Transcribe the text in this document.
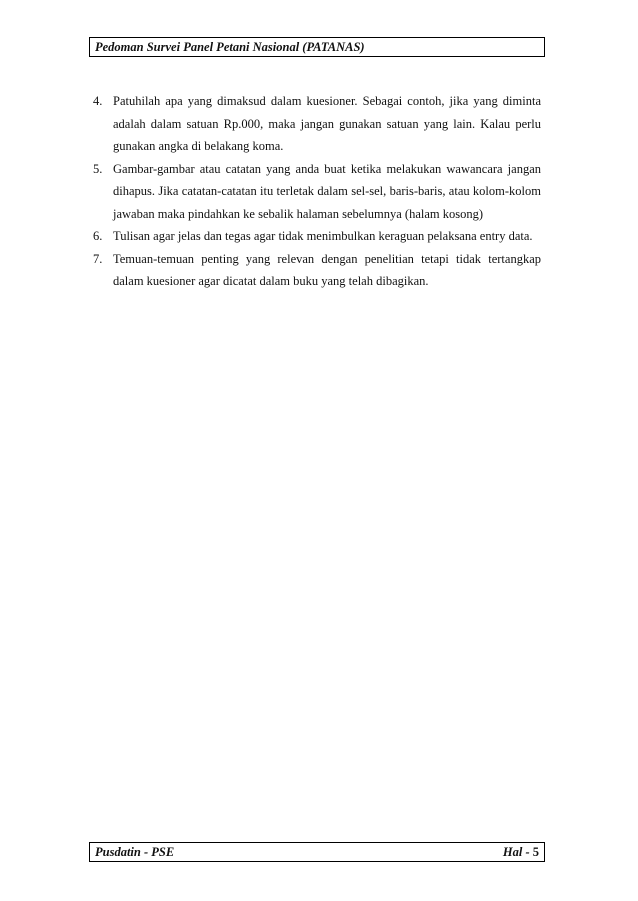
Pedoman Survei Panel Petani Nasional (PATANAS)
4. Patuhilah apa yang dimaksud dalam kuesioner. Sebagai contoh, jika yang diminta adalah dalam satuan Rp.000, maka jangan gunakan satuan yang lain. Kalau perlu gunakan angka di belakang koma.
5. Gambar-gambar atau catatan yang anda buat ketika melakukan wawancara jangan dihapus. Jika catatan-catatan itu terletak dalam sel-sel, baris-baris, atau kolom-kolom jawaban maka pindahkan ke sebalik halaman sebelumnya (halam kosong)
6. Tulisan agar jelas dan tegas agar tidak menimbulkan keraguan pelaksana entry data.
7. Temuan-temuan penting yang relevan dengan penelitian tetapi tidak tertangkap dalam kuesioner agar dicatat dalam buku yang telah dibagikan.
Pusdatin - PSE	Hal - 5
